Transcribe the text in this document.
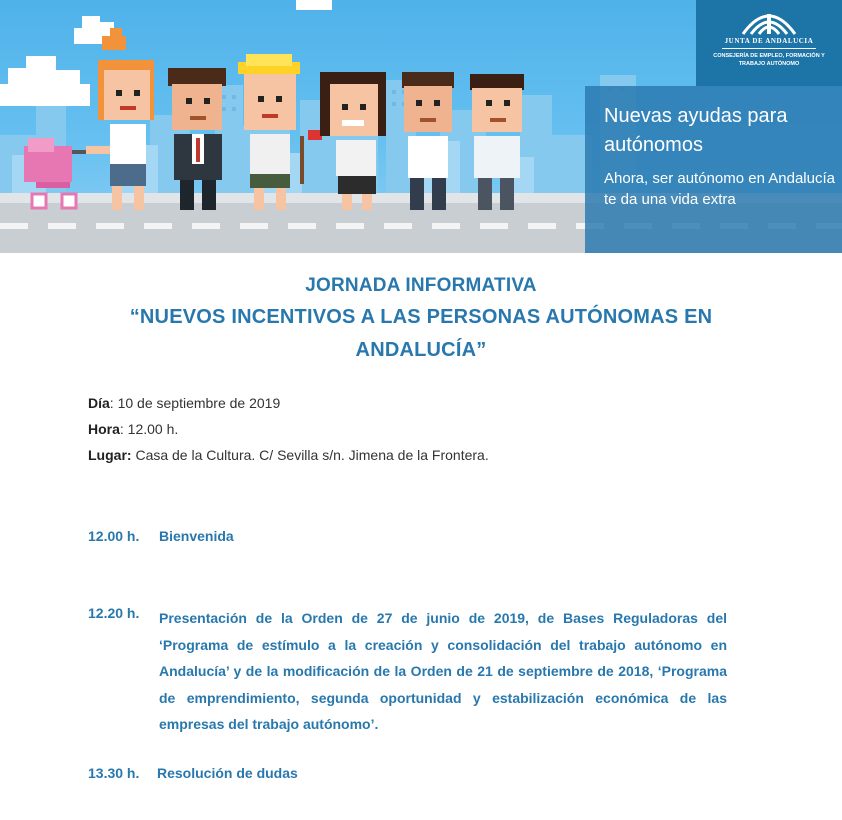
JUNTA DE ANDALUCIA
CONSEJERÍA DE EMPLEO, FORMACIÓN Y TRABAJO AUTÓNOMO
Nuevas ayudas para autónomos
Ahora, ser autónomo en Andalucía te da una vida extra
JORNADA INFORMATIVA
“NUEVOS INCENTIVOS A LAS PERSONAS AUTÓNOMAS EN
ANDALUCÍA”
Día: 10 de septiembre de 2019
Hora: 12.00 h.
Lugar: Casa de la Cultura. C/ Sevilla s/n. Jimena de la Frontera.
12.00 h. Bienvenida
12.20 h. Presentación de la Orden de 27 de junio de 2019, de Bases Reguladoras del ‘Programa de estímulo a la creación y consolidación del trabajo autónomo en Andalucía’ y de la modificación de la Orden de 21 de septiembre de 2018, ‘Programa de emprendimiento, segunda oportunidad y estabilización económica de las empresas del trabajo autónomo’.
13.30 h. Resolución de dudas
